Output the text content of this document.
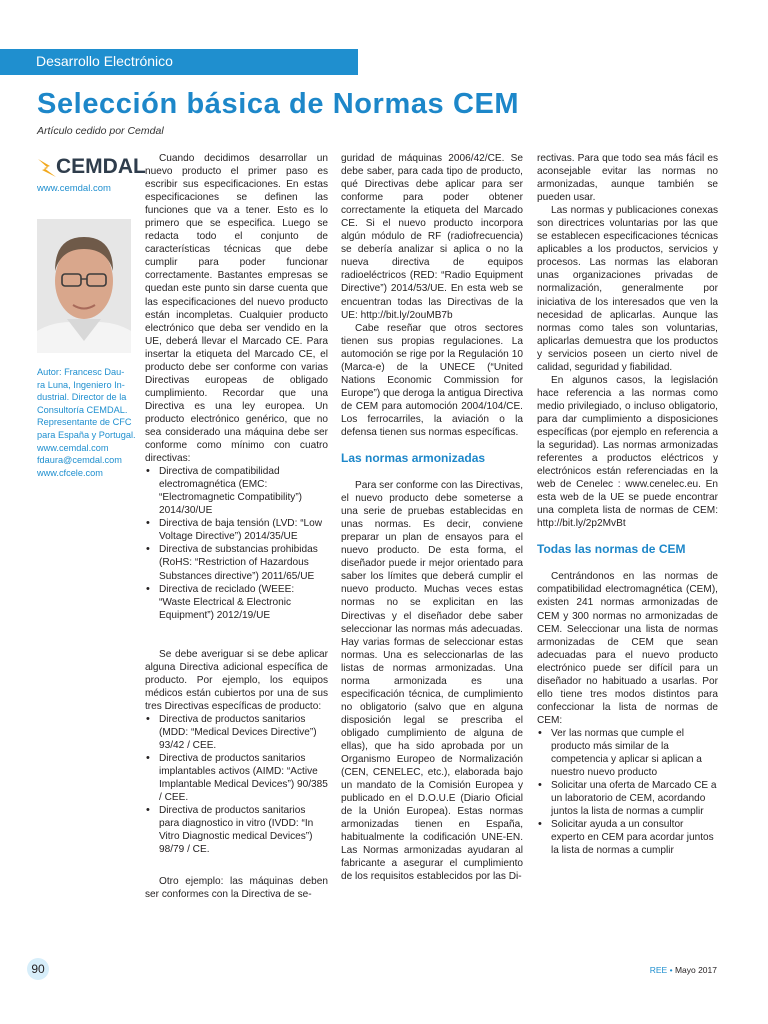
Desarrollo Electrónico
Selección básica de Normas CEM
Artículo cedido por Cemdal
CEMDAL
www.cemdal.com
Autor: Francesc Dau-
ra Luna, Ingeniero In-
dustrial. Director de la
Consultoría CEMDAL.
Representante de CFC
para España y Portugal.
www.cemdal.com
fdaura@cemdal.com
www.cfcele.com

Cuando decidimos desarrollar un nuevo producto el primer paso es escribir sus especificaciones. En estas especificaciones se definen las funciones que va a tener. Esto es lo primero que se especifica. Luego se redacta todo el conjunto de características técnicas que debe cumplir para poder funcionar correctamente. Bastantes empresas se quedan este punto sin darse cuenta que las especificaciones del nuevo producto están incompletas. Cualquier producto electrónico que deba ser vendido en la UE, deberá llevar el Marcado CE. Para insertar la etiqueta del Marcado CE, el producto debe ser conforme con varias Directivas europeas de obligado cumplimiento. Recordar que una Directiva es una ley europea. Un producto electrónico genérico, que no sea considerado una máquina debe ser conforme como mínimo con cuatro directivas:

• Directiva de compatibilidad electromagnética (EMC: “Electromagnetic Compatibility”) 2014/30/UE
• Directiva de baja tensión (LVD: “Low Voltage Directive”) 2014/35/UE
• Directiva de substancias prohibidas (RoHS: “Restriction of Hazardous Substances directive”) 2011/65/UE
• Directiva de reciclado (WEEE: “Waste Electrical & Electronic Equipment”) 2012/19/UE

Se debe averiguar si se debe aplicar alguna Directiva adicional específica de producto. Por ejemplo, los equipos médicos están cubiertos por una de sus tres Directivas específicas de producto:

• Directiva de productos sanitarios (MDD: “Medical Devices Directive”) 93/42 / CEE.
• Directiva de productos sanitarios implantables activos (AIMD: “Active Implantable Medical Devices”) 90/385 / CEE.
• Directiva de productos sanitarios para diagnostico in vitro (IVDD: “In Vitro Diagnostic medical Devices”) 98/79 / CE.

Otro ejemplo: las máquinas deben ser conformes con la Directiva de se-

guridad de máquinas 2006/42/CE. Se debe saber, para cada tipo de producto, qué Directivas debe aplicar para ser conforme para poder obtener correctamente la etiqueta del Marcado CE. Si el nuevo producto incorpora algún módulo de RF (radiofrecuencia) se debería analizar si aplica o no la nueva directiva de equipos radioeléctricos (RED: “Radio Equipment Directive”) 2014/53/UE. En esta web se encuentran todas las Directivas de la UE: http://bit.ly/2ouMB7b

Cabe reseñar que otros sectores tienen sus propias regulaciones. La automoción se rige por la Regulación 10 (Marca-e) de la UNECE (“United Nations Economic Commission for Europe”) que deroga la antigua Directiva de CEM para automoción 2004/104/CE. Los ferrocarriles, la aviación o la defensa tienen sus normas específicas.

Las normas armonizadas

Para ser conforme con las Directivas, el nuevo producto debe someterse a una serie de pruebas establecidas en unas normas. Es decir, conviene preparar un plan de ensayos para el nuevo producto. De esta forma, el diseñador puede ir mejor orientado para saber los límites que deberá cumplir el nuevo producto. Muchas veces estas normas no se explicitan en las Directivas y el diseñador debe saber seleccionar las normas más adecuadas. Hay varias formas de seleccionar estas normas. Una es seleccionarlas de las listas de normas armonizadas. Una norma armonizada es una especificación técnica, de cumplimiento no obligatorio (salvo que en alguna disposición legal se prescriba el obligado cumplimiento de alguna de ellas), que ha sido aprobada por un Organismo Europeo de Normalización (CEN, CENELEC, etc.), elaborada bajo un mandato de la Comisión Europea y publicado en el D.O.U.E (Diario Oficial de la Unión Europea). Estas normas armonizadas tienen en España, habitualmente la codificación UNE-EN. Las Normas armonizadas ayudaran al fabricante a asegurar el cumplimiento de los requisitos establecidos por las Di-

rectivas. Para que todo sea más fácil es aconsejable evitar las normas no armonizadas, aunque también se pueden usar.

Las normas y publicaciones conexas son directrices voluntarias por las que se establecen especificaciones técnicas aplicables a los productos, servicios y procesos. Las normas las elaboran unas organizaciones privadas de normalización, generalmente por iniciativa de los interesados que ven la necesidad de aplicarlas. Aunque las normas como tales son voluntarias, aplicarlas demuestra que los productos y servicios poseen un cierto nivel de calidad, seguridad y fiabilidad.

En algunos casos, la legislación hace referencia a las normas como medio privilegiado, o incluso obligatorio, para dar cumplimiento a disposiciones específicas (por ejemplo en referencia a la seguridad). Las normas armonizadas referentes a productos eléctricos y electrónicos están referenciadas en la web de Cenelec : www.cenelec.eu. En esta web de la UE se puede encontrar una completa lista de normas de CEM: http://bit.ly/2p2MvBt

Todas las normas de CEM

Centrándonos en las normas de compatibilidad electromagnética (CEM), existen 241 normas armonizadas de CEM y 300 normas no armonizadas de CEM. Seleccionar una lista de normas armonizadas de CEM que sean adecuadas para el nuevo producto electrónico puede ser difícil para un diseñador no habituado a usarlas. Por ello tiene tres modos distintos para confeccionar la lista de normas de CEM:

• Ver las normas que cumple el producto más similar de la competencia y aplicar si aplican a nuestro nuevo producto
• Solicitar una oferta de Marcado CE a un laboratorio de CEM, acordando juntos la lista de normas a cumplir
• Solicitar ayuda a un consultor experto en CEM para acordar juntos la lista de normas a cumplir
90	REE • Mayo 2017
